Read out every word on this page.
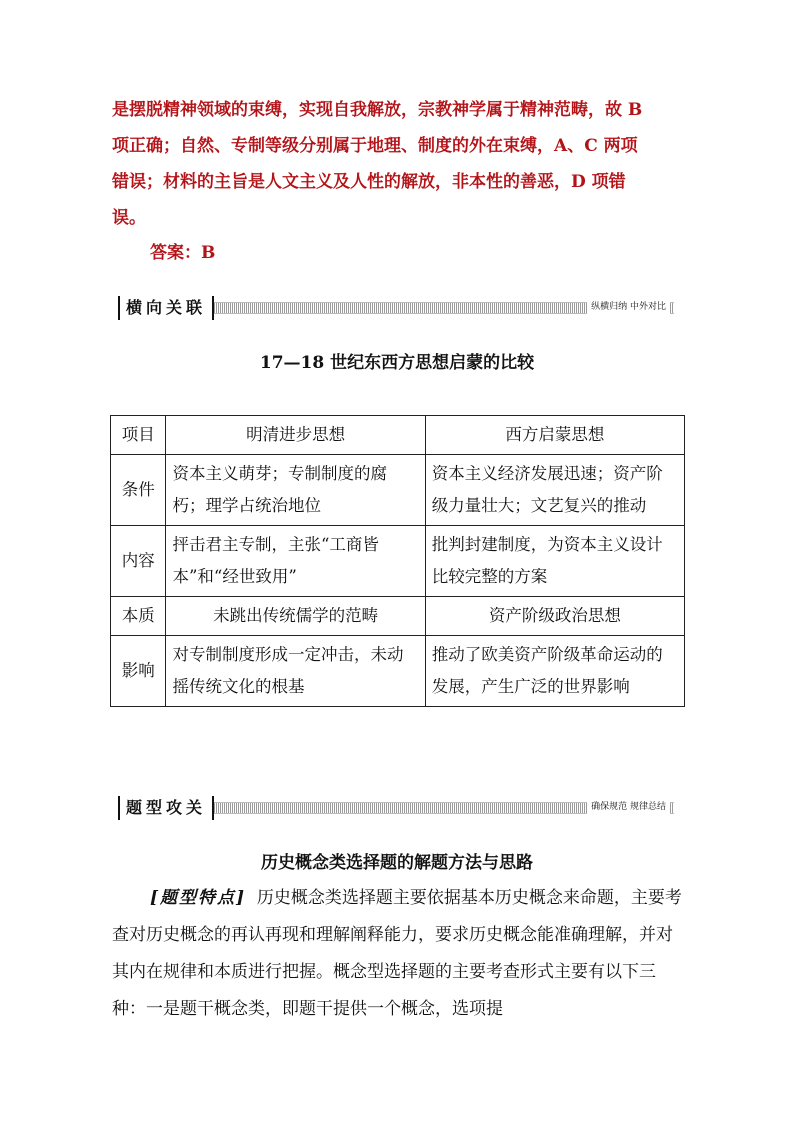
是摆脱精神领域的束缚，实现自我解放，宗教神学属于精神范畴，故 B
项正确；自然、专制等级分别属于地理、制度的外在束缚，A、C 两项
错误；材料的主旨是人文主义及人性的解放，非本性的善恶，D 项错
误。

答案：B

横向关联	纵横归纳 中外对比

17—18 世纪东西方思想启蒙的比较

项目	明清进步思想	西方启蒙思想
条件	资本主义萌芽；专制制度的腐朽；理学占统治地位	资本主义经济发展迅速；资产阶级力量壮大；文艺复兴的推动
内容	抨击君主专制，主张“工商皆本”和“经世致用”	批判封建制度，为资本主义设计比较完整的方案
本质	未跳出传统儒学的范畴	资产阶级政治思想
影响	对专制制度形成一定冲击，未动摇传统文化的根基	推动了欧美资产阶级革命运动的发展，产生广泛的世界影响
题型攻关	确保规范 规律总结

历史概念类选择题的解题方法与思路

[题型特点] 历史概念类选择题主要依据基本历史概念来命题，主要考查对历史概念的再认再现和理解阐释能力，要求历史概念能准确理解，并对其内在规律和本质进行把握。概念型选择题的主要考查形式主要有以下三种：一是题干概念类，即题干提供一个概念，选项提
